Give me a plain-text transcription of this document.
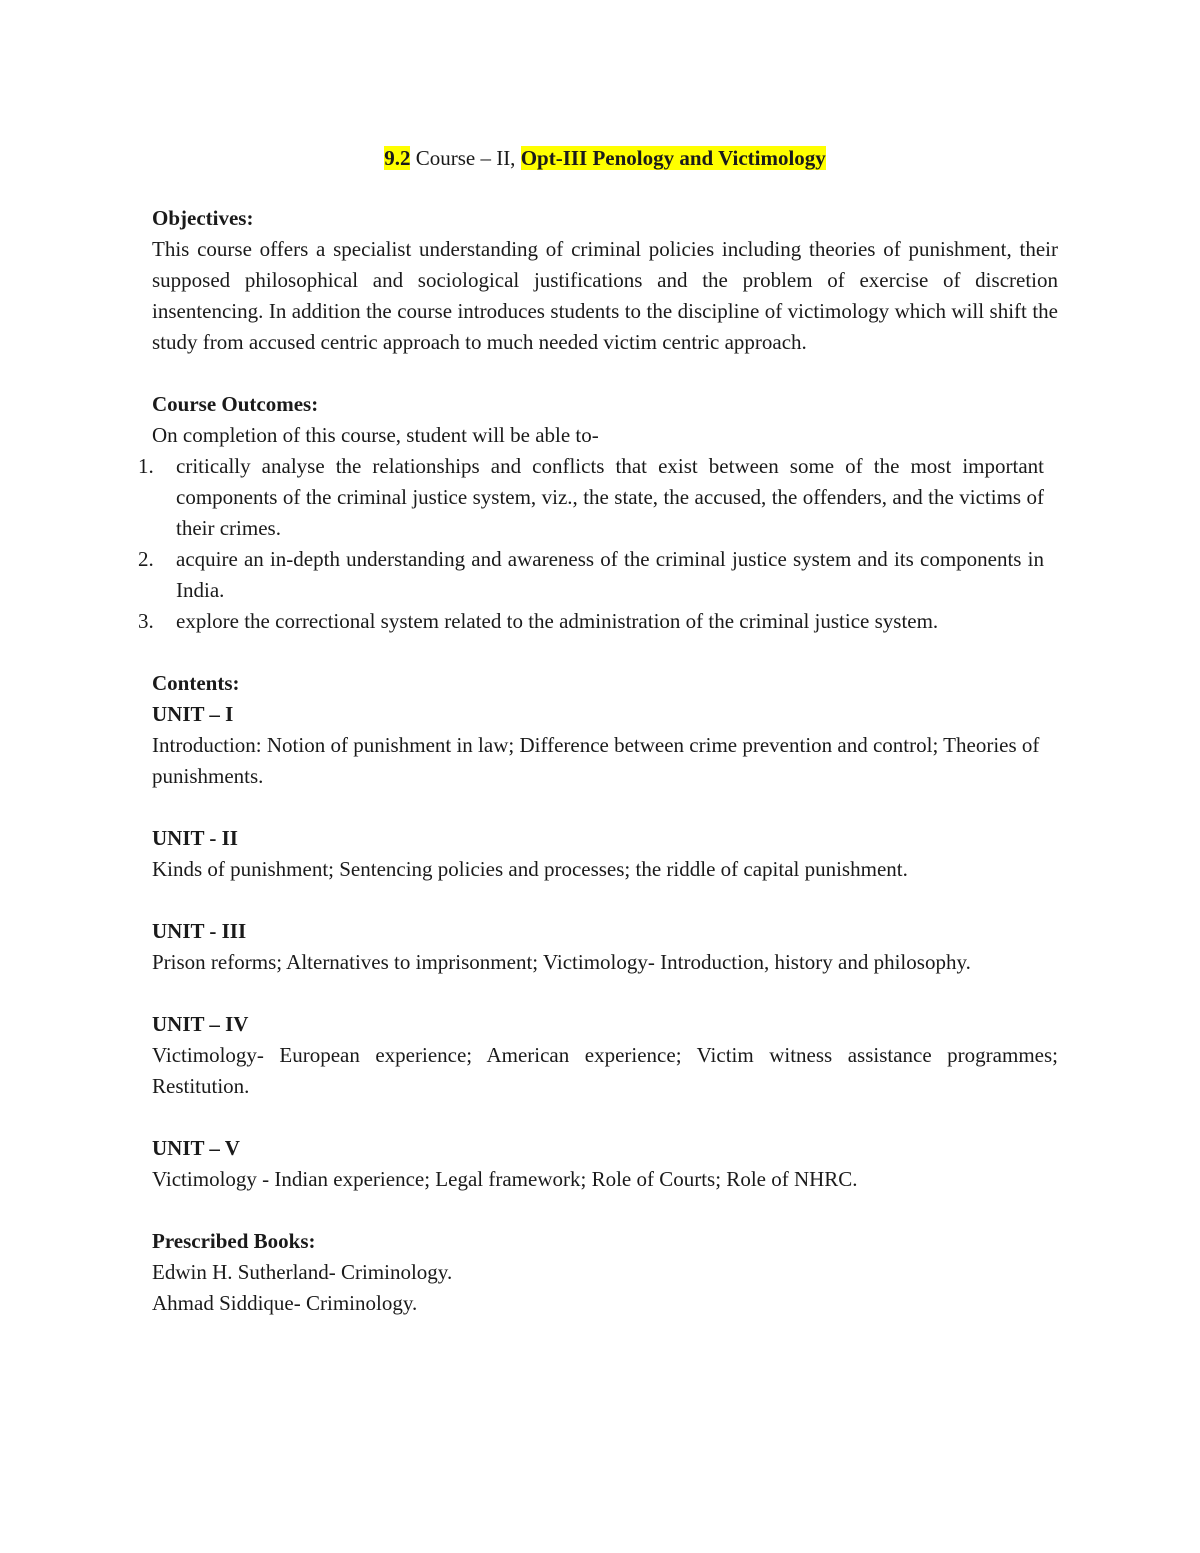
9.2 Course – II, Opt-III Penology and Victimology
Objectives:
This course offers a specialist understanding of criminal policies including theories of punishment, their supposed philosophical and sociological justifications and the problem of exercise of discretion insentencing. In addition the course introduces students to the discipline of victimology which will shift the study from accused centric approach to much needed victim centric approach.
Course Outcomes:
On completion of this course, student will be able to-
1. critically analyse the relationships and conflicts that exist between some of the most important components of the criminal justice system, viz., the state, the accused, the offenders, and the victims of their crimes.
2. acquire an in-depth understanding and awareness of the criminal justice system and its components in India.
3. explore the correctional system related to the administration of the criminal justice system.
Contents:
UNIT – I
Introduction: Notion of punishment in law; Difference between crime prevention and control; Theories of punishments.
UNIT - II
Kinds of punishment; Sentencing policies and processes; the riddle of capital punishment.
UNIT - III
Prison reforms; Alternatives to imprisonment; Victimology- Introduction, history and philosophy.
UNIT – IV
Victimology- European experience; American experience; Victim witness assistance programmes; Restitution.
UNIT – V
Victimology - Indian experience; Legal framework; Role of Courts; Role of NHRC.
Prescribed Books:
Edwin H. Sutherland- Criminology.
Ahmad Siddique- Criminology.
